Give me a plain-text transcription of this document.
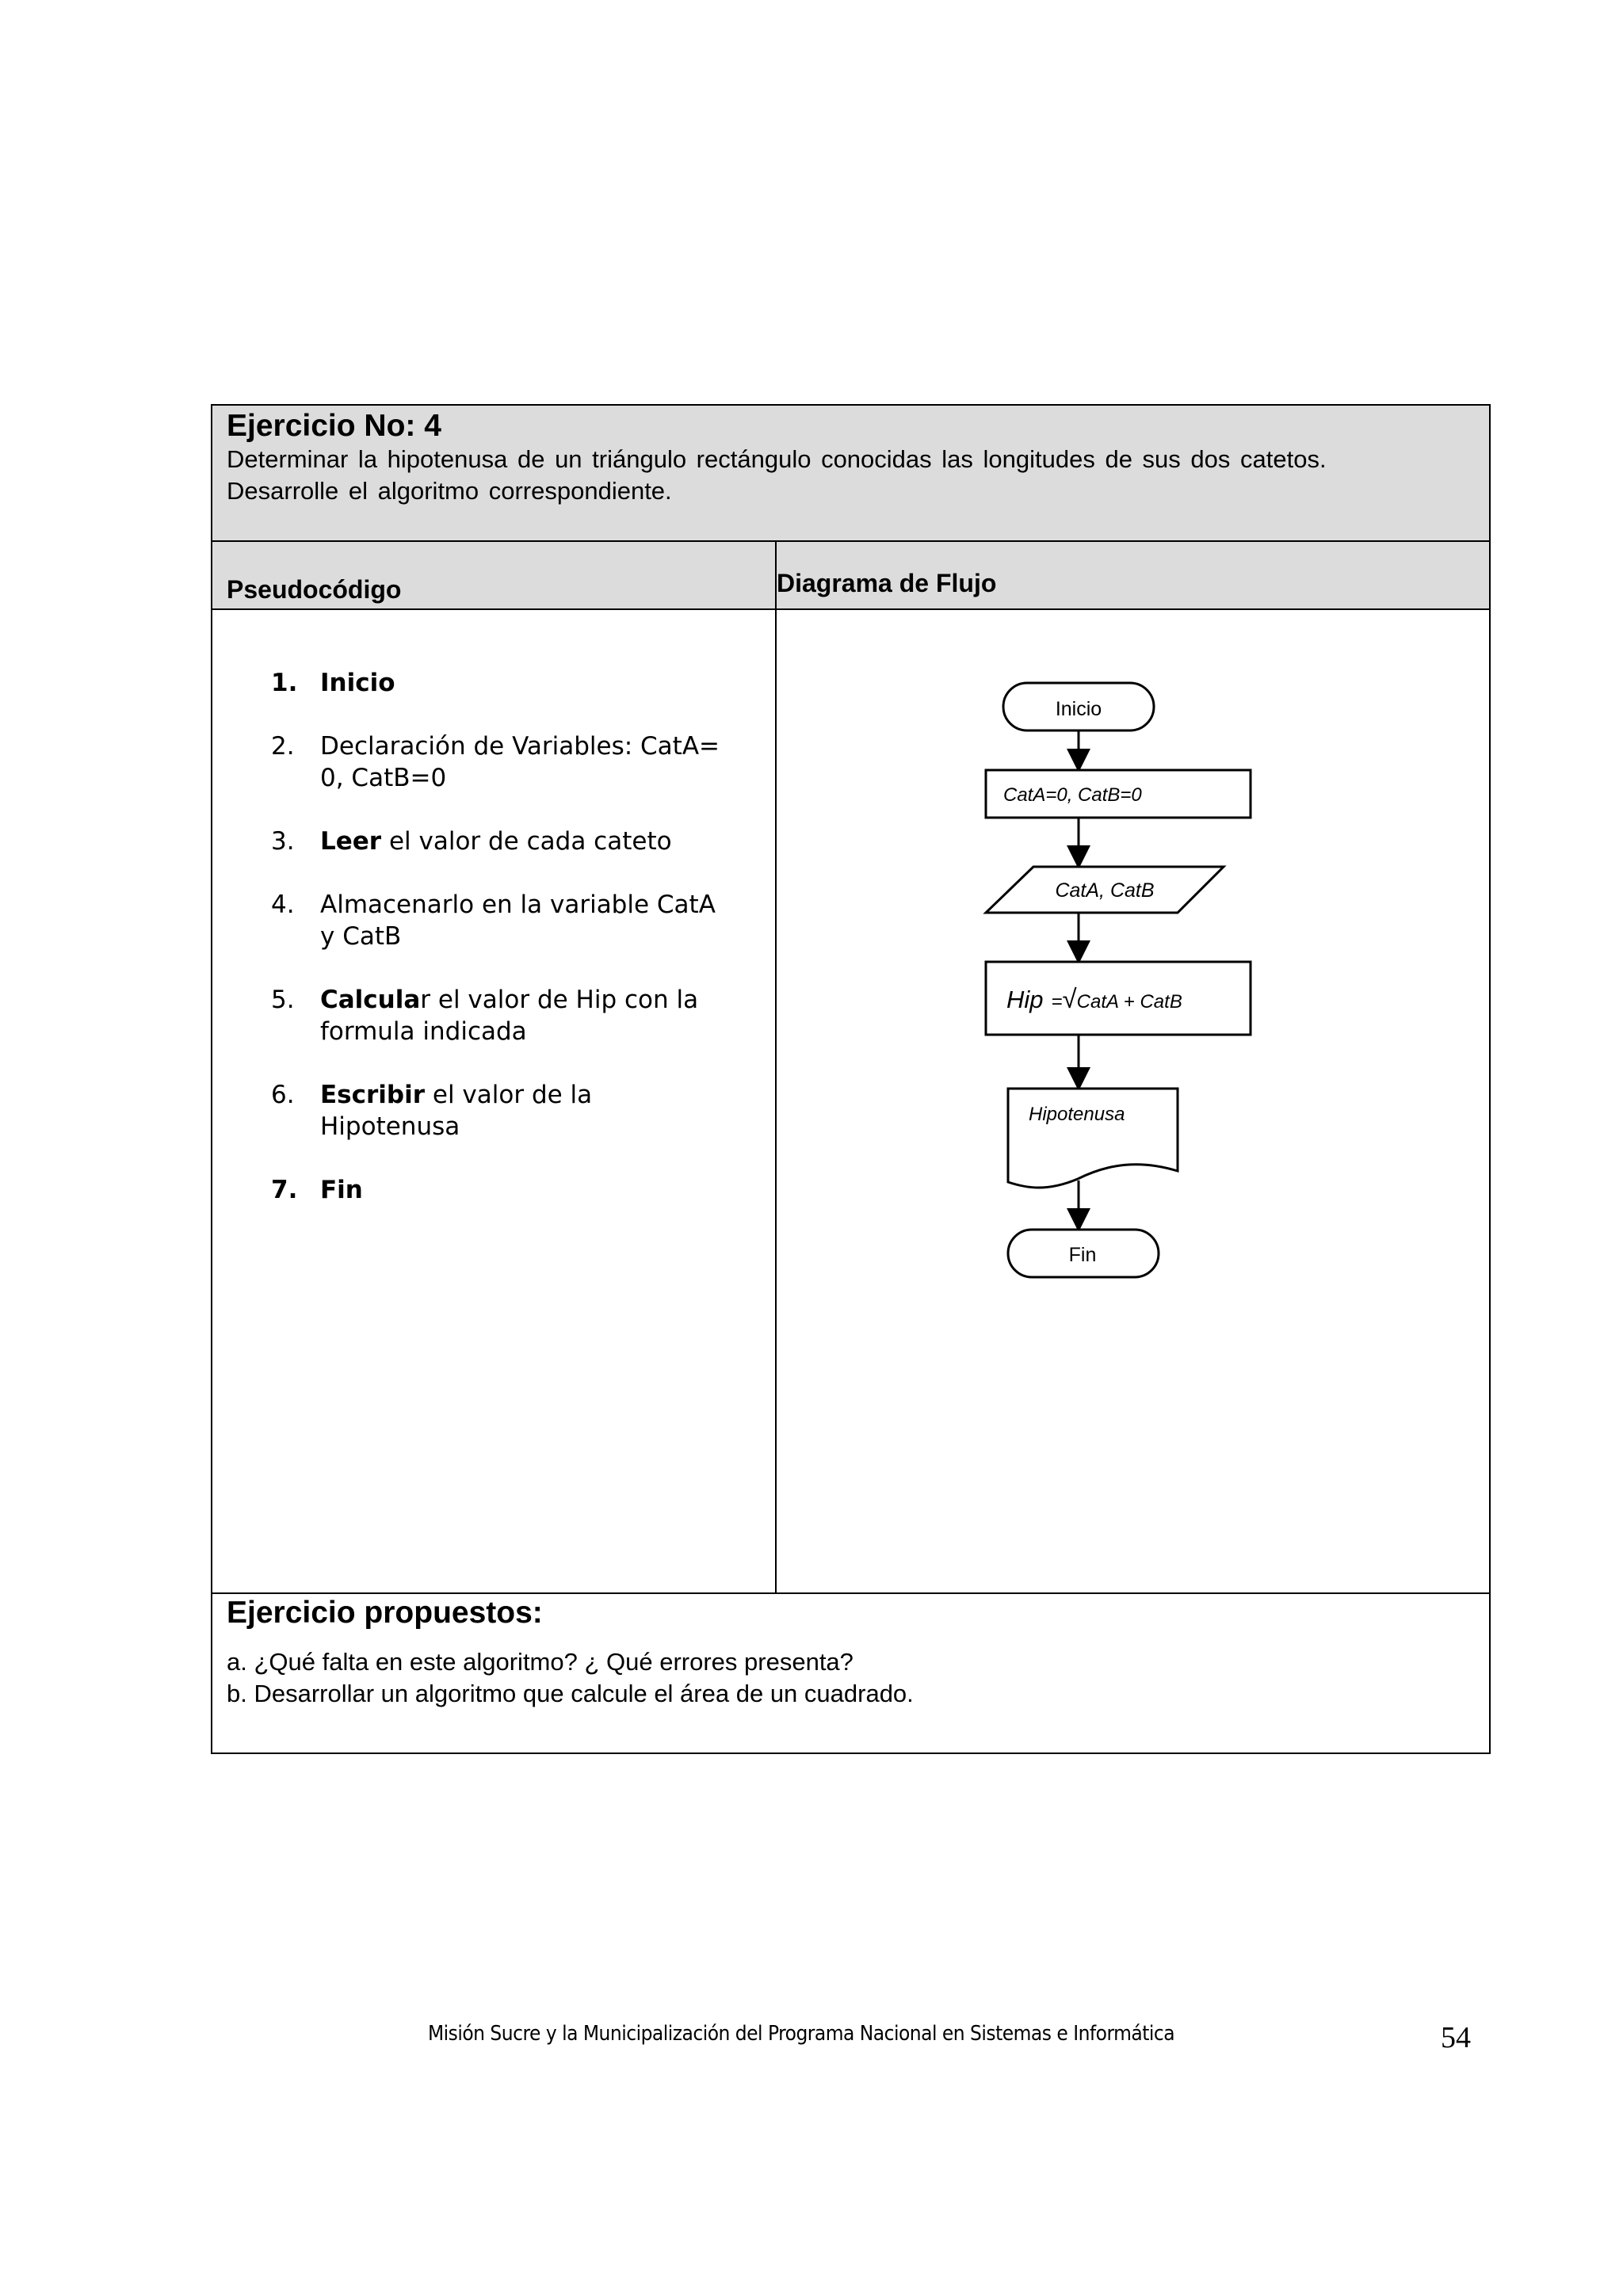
Ejercicio No: 4
Determinar la hipotenusa de un triángulo rectángulo conocidas las longitudes de sus dos catetos.
Desarrolle el algoritmo correspondiente.
Pseudocódigo	Diagrama de Flujo
1. Inicio
2. Declaración de Variables: CatA= 0, CatB=0
3. Leer el valor de cada cateto
4. Almacenarlo en la variable CatA y CatB
5. Calcular el valor de Hip con la formula indicada
6. Escribir el valor de la Hipotenusa
7. Fin
Ejercicio propuestos:
a. ¿Qué falta en este algoritmo? ¿ Qué errores presenta?
b. Desarrollar un algoritmo que calcule el área de un cuadrado.
Inicio
CatA=0, CatB=0
CatA, CatB
Hip =√CatA + CatB
Hipotenusa
Fin
Misión Sucre y la Municipalización del Programa Nacional en Sistemas e Informática	54
